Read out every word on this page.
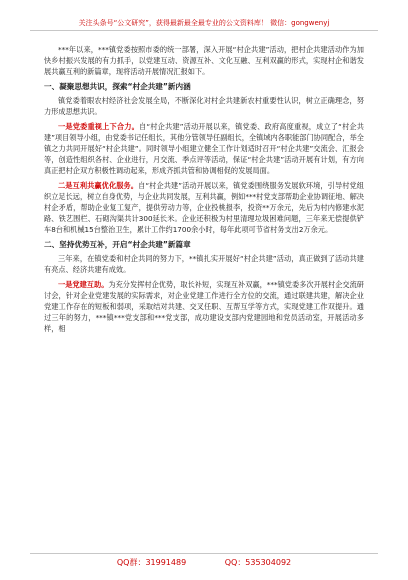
关注头条号“公文研究”，获得最新最全最专业的公文资料库！ 微信：gongwenyj

***年以来，***镇党委按照市委的统一部署，深入开展“村企共建”活动，把村企共建活动作为加快乡村振兴发展的有力抓手，以党建互动、资源互补、文化互融、互利双赢的形式，实现村企和谐发展共赢互利的新篇章，现将活动开展情况汇报如下。

一、凝聚思想共识，探索“村企共建”新内涵

镇党委着眼农村经济社会发展全局，不断深化对村企共建新农村重要性认识，树立正确理念，努力形成思想共识。

一是党委重视上下合力。自“村企共建”活动开展以来，镇党委、政府高度重视，成立了“村企共建”项目领导小组，由党委书记任组长，其他分管领导任副组长，全镇域内各职能部门协同配合，举全镇之力共同开展好“村企共建”。同时领导小组建立健全工作计划适时召开“村企共建”交流会、汇报会等，创造性组织各村、企业进行，月交流、季点评等活动，保证“村企共建”活动开展有计划，有方向真正把村企双方积极性调动起来，形成齐抓共管和协调相促的发展局面。

二是互利共赢优化服务。自“村企共建”活动开展以来，镇党委围绕服务发展软环境，引导村党组织立足长远，树立自身优势，与企业共同发展，互利共赢，例如***村党支部帮助企业协调征地、解决村企矛盾，帮助企业复工复产，提供劳动力等，企业投桃报李，投资**万余元，先后为村内修建水泥路、铁艺围栏、石砌沟渠共计300延长米。企业还积极为村里清理垃圾困难问题，三年来无偿提供铲车8台和机械15台整治卫生，累计工作约1700余小时，每年此项可节省村务支出2万余元。

二、坚持优势互补，开启“村企共建”新篇章

三年来，在镇党委和村企共同的努力下，**镇扎实开展好“村企共建”活动，真正做到了活动共建有亮点、经济共建有成效。

一是党建互助。为充分发挥村企优势，取长补短，实现互补双赢，***镇党委多次开展村企交流研讨会，针对企业党建发展的实际需求，对企业党建工作进行全方位的交流，通过联建共建，解决企业党建工作存在的短板和弱项，采取结对共建、交叉任职、互帮互学等方式，实现党建工作双提升。通过三年的努力，***镇***党支部和***党支部，成功建设支部内党建园地和党员活动室，开展活动多样，相

QQ群：31991489	QQ：535304092
